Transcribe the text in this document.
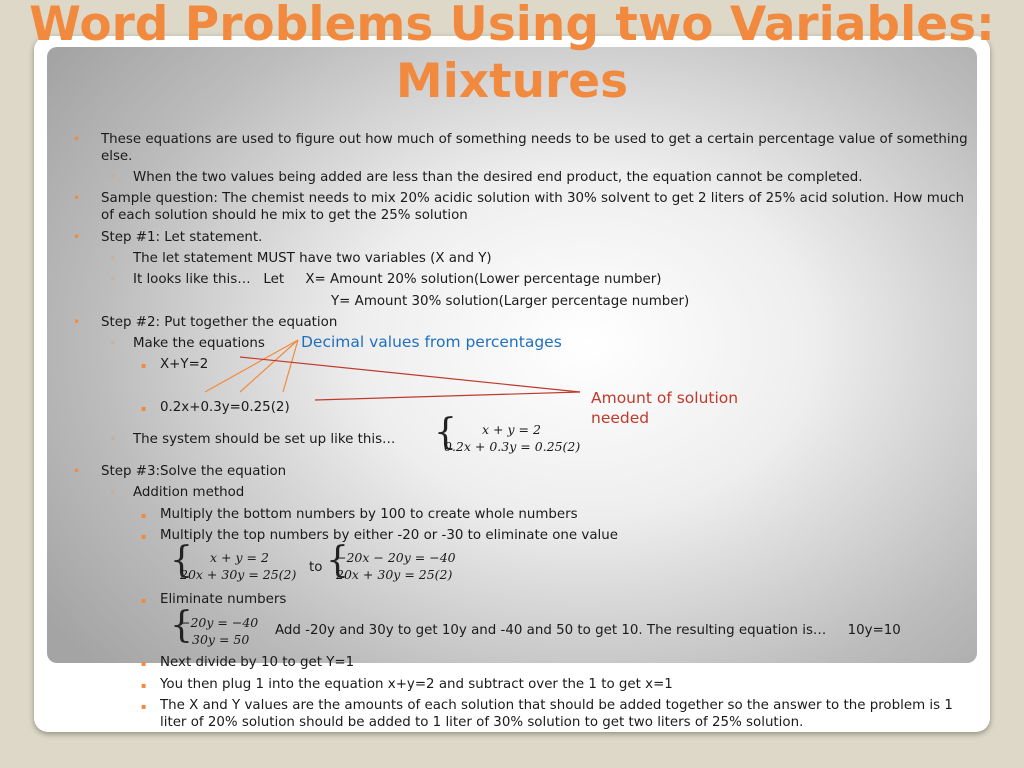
Word Problems Using two Variables: Mixtures
• These equations are used to figure out how much of something needs to be used to get a certain percentage value of something else.
◦ When the two values being added are less than the desired end product, the equation cannot be completed.
• Sample question: The chemist needs to mix 20% acidic solution with 30% solvent to get 2 liters of 25% acid solution. How much of each solution should he mix to get the 25% solution
• Step #1: Let statement.
◦ The let statement MUST have two variables (X and Y)
◦ It looks like this…   Let     X= Amount 20% solution(Lower percentage number)
Y= Amount 30% solution(Larger percentage number)
• Step #2: Put together the equation
◦ Make the equations Decimal values from percentages
▪ X+Y=2
▪ 0.2x+0.3y=0.25(2)
Amount of solution needed
◦ The system should be set up like this… { x + y = 2
0.2x + 0.3y = 0.25(2)
• Step #3:Solve the equation
◦ Addition method
▪ Multiply the bottom numbers by 100 to create whole numbers
▪ Multiply the top numbers by either -20 or -30 to eliminate one value
{ x + y = 2
20x + 30y = 25(2) to {
−20x − 20y = −40
20x + 30y = 25(2)
▪ Eliminate numbers
{
−20y = −40
30y = 50
Add -20y and 30y to get 10y and -40 and 50 to get 10. The resulting equation is…     10y=10
▪ Next divide by 10 to get Y=1
▪ You then plug 1 into the equation x+y=2 and subtract over the 1 to get x=1
▪ The X and Y values are the amounts of each solution that should be added together so the answer to the problem is 1 liter of 20% solution should be added to 1 liter of 30% solution to get two liters of 25% solution.
